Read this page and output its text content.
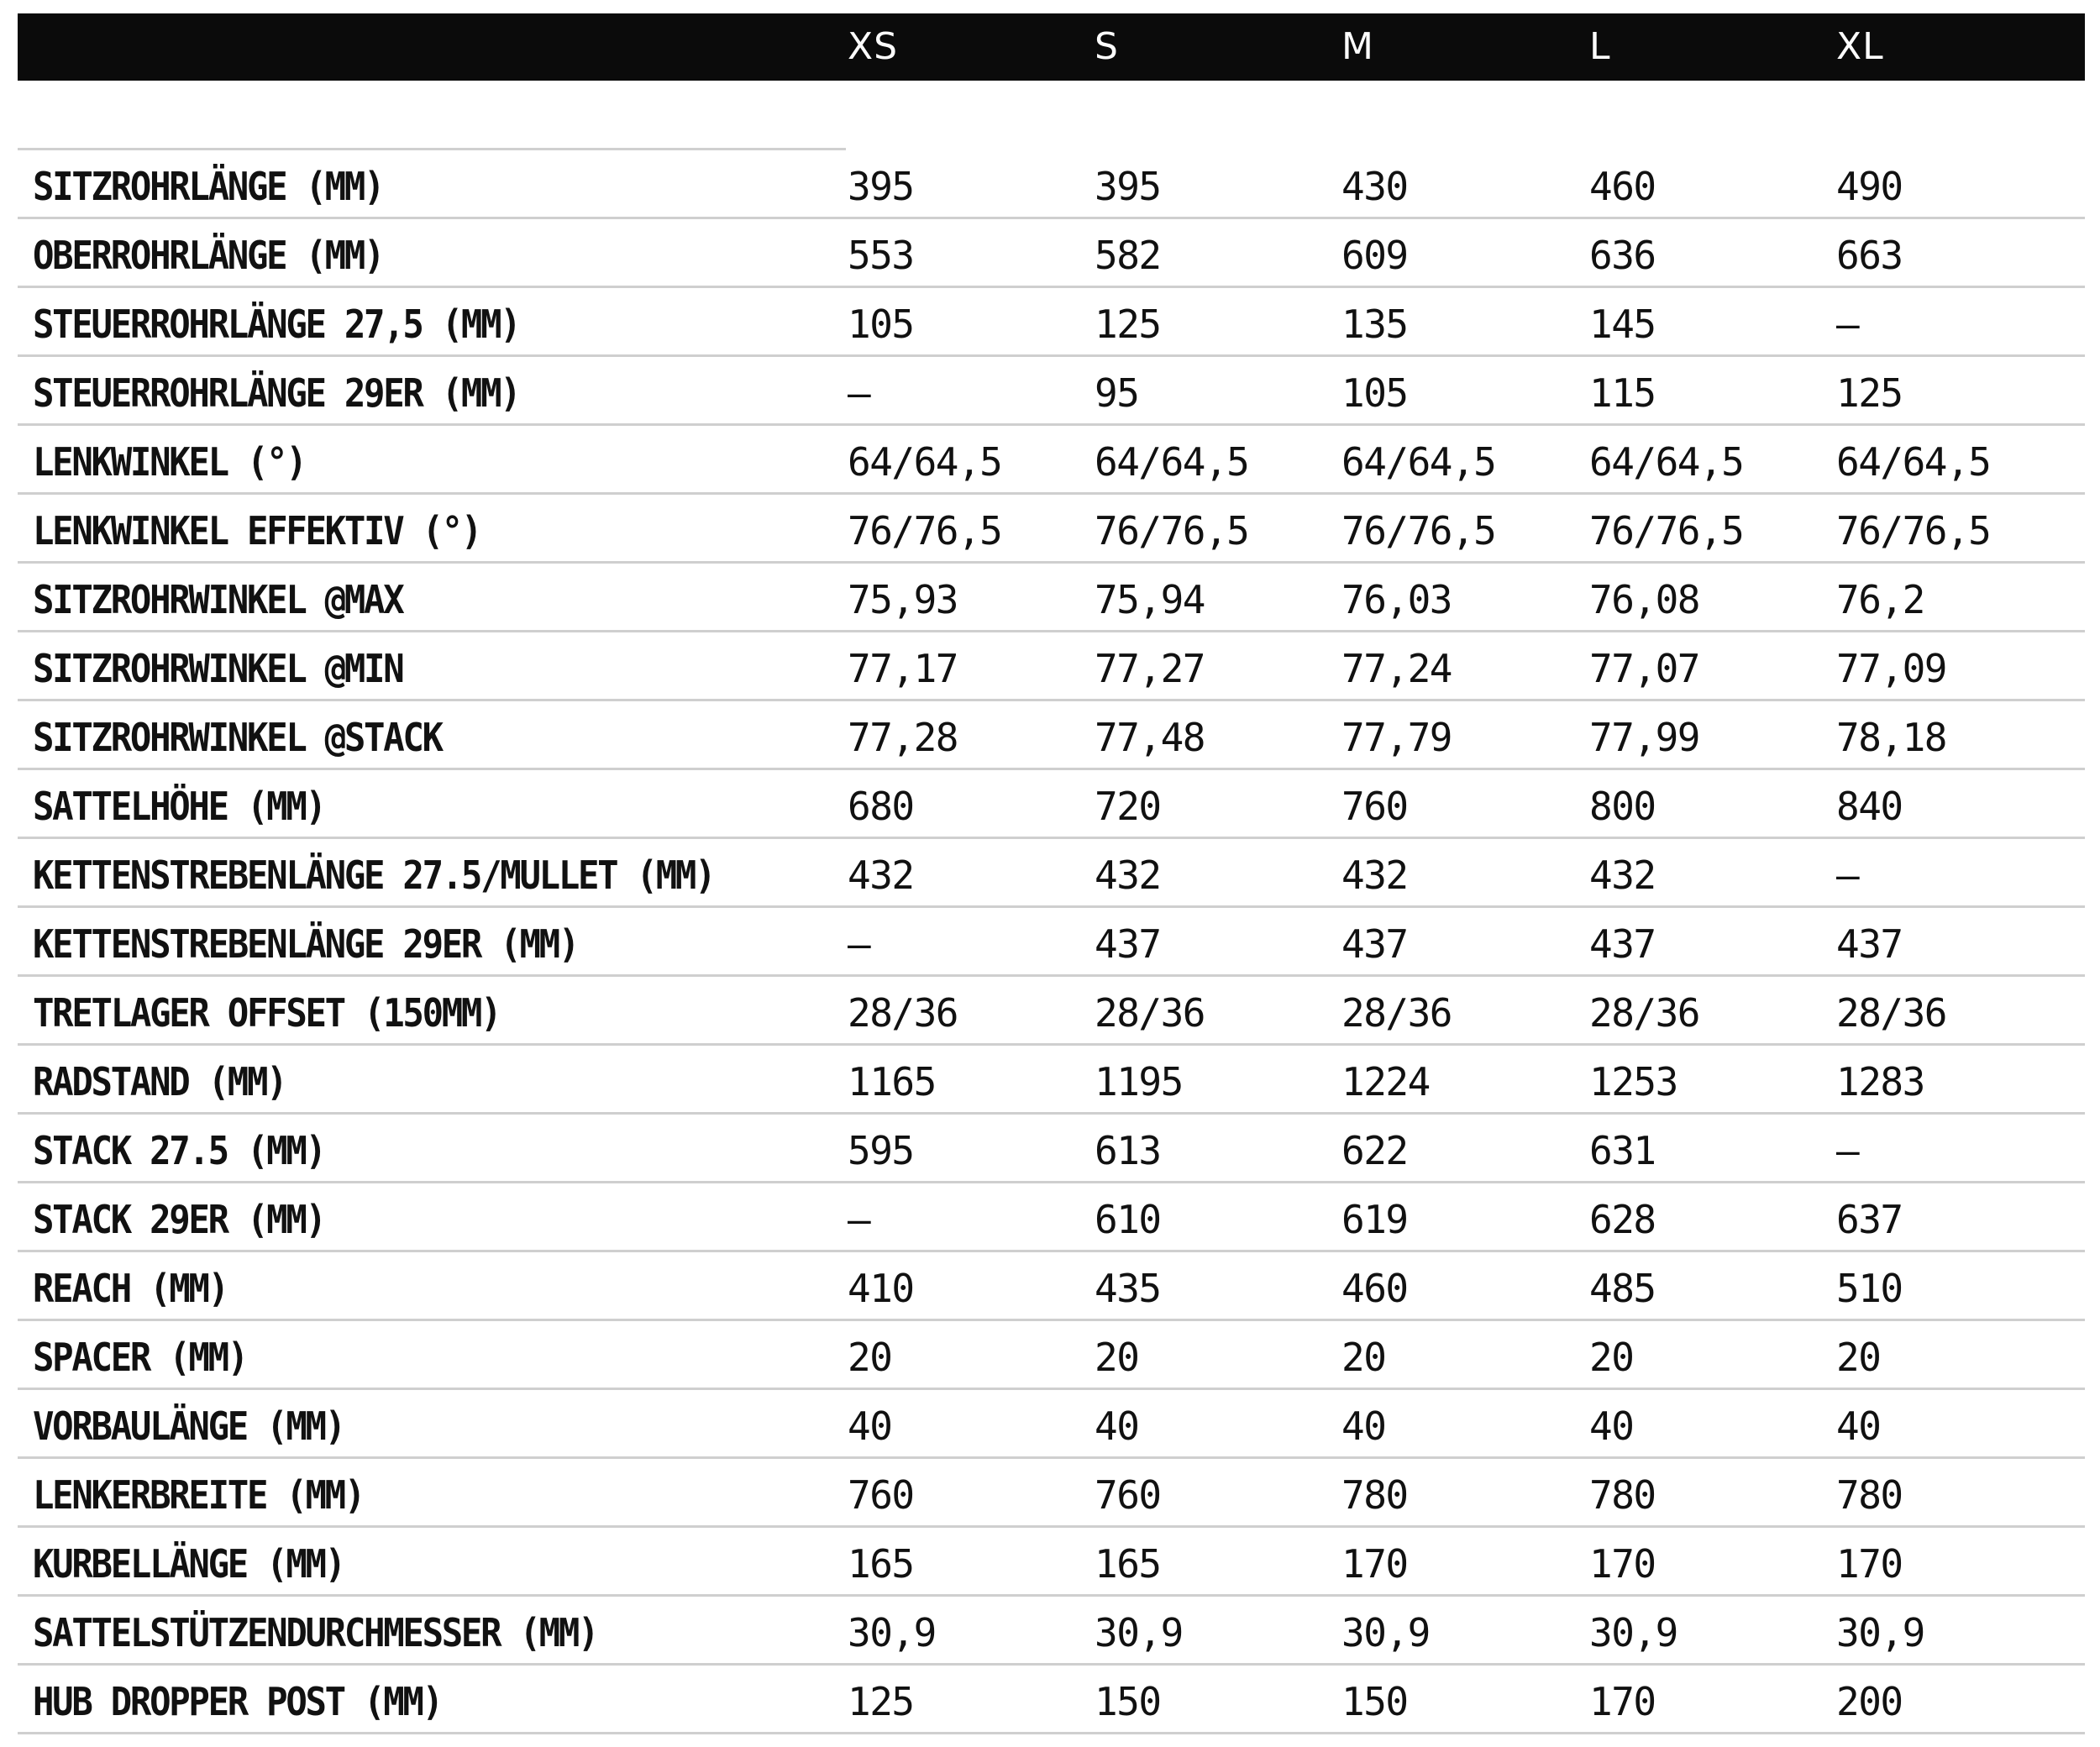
XS	S	M	L	XL
SITZROHRLÄNGE (MM)	395	395	430	460	490
OBERROHRLÄNGE (MM)	553	582	609	636	663
STEUERROHRLÄNGE 27,5 (MM)	105	125	135	145	–
STEUERROHRLÄNGE 29ER (MM)	–	95	105	115	125
LENKWINKEL (°)	64/64,5 64/64,5 64/64,5 64/64,5 64/64,5
LENKWINKEL EFFEKTIV (°)	76/76,5 76/76,5 76/76,5 76/76,5 76/76,5
SITZROHRWINKEL @MAX	75,93	75,94	76,03	76,08	76,2
SITZROHRWINKEL @MIN	77,17	77,27	77,24	77,07	77,09
SITZROHRWINKEL @STACK	77,28	77,48	77,79	77,99	78,18
SATTELHÖHE (MM)	680	720	760	800	840
KETTENSTREBENLÄNGE 27.5/MULLET (MM)	432	432	432	432	–
KETTENSTREBENLÄNGE 29ER (MM)	–	437	437	437	437
TRETLAGER OFFSET (150MM)	28/36	28/36	28/36	28/36	28/36
RADSTAND (MM)	1165	1195	1224	1253	1283
STACK 27.5 (MM)	595	613	622	631	–
STACK 29ER (MM)	–	610	619	628	637
REACH (MM)	410	435	460	485	510
SPACER (MM)	20	20	20	20	20
VORBAULÄNGE (MM)	40	40	40	40	40
LENKERBREITE (MM)	760	760	780	780	780
KURBELLÄNGE (MM)	165	165	170	170	170
SATTELSTÜTZENDURCHMESSER (MM)	30,9	30,9	30,9	30,9	30,9
HUB DROPPER POST (MM)	125	150	150	170	200
